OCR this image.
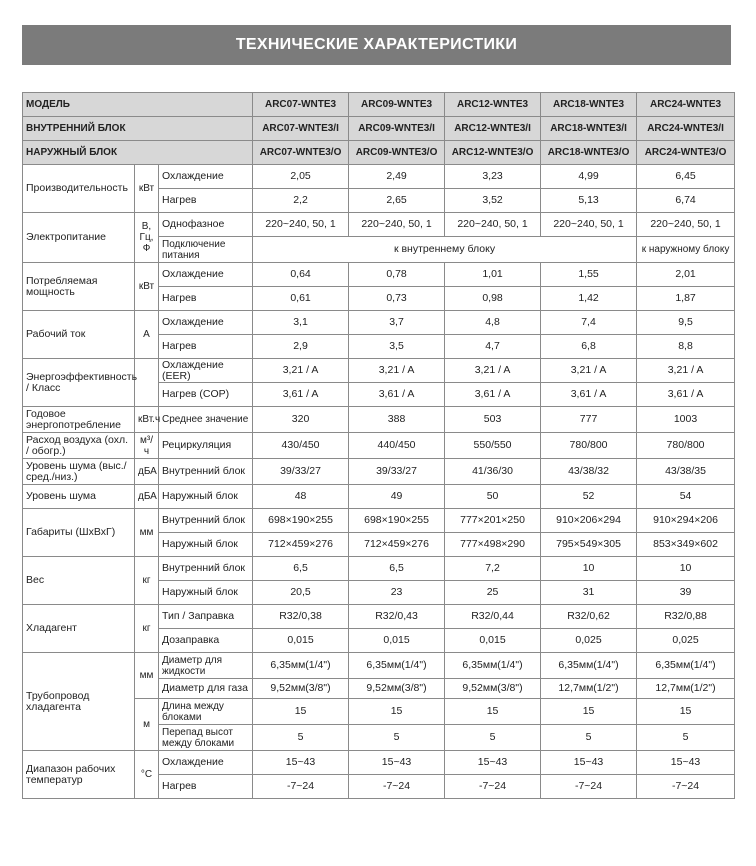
ТЕХНИЧЕСКИЕ ХАРАКТЕРИСТИКИ
МОДЕЛЬ			ARC07-WNTE3	ARC09-WNTE3	ARC12-WNTE3	ARC18-WNTE3	ARC24-WNTE3
ВНУТРЕННИЙ БЛОК			ARC07-WNTE3/I	ARC09-WNTE3/I	ARC12-WNTE3/I	ARC18-WNTE3/I	ARC24-WNTE3/I
НАРУЖНЫЙ БЛОК			ARC07-WNTE3/O	ARC09-WNTE3/O	ARC12-WNTE3/O	ARC18-WNTE3/O	ARC24-WNTE3/O
Производительность	кВт	Охлаждение	2,05	2,49	3,23	4,99	6,45
		Нагрев	2,2	2,65	3,52	5,13	6,74
Электропитание	В, Гц, Ф	Однофазное	220~240, 50, 1	220~240, 50, 1	220~240, 50, 1	220~240, 50, 1	220~240, 50, 1
		Подключение питания	к внутреннему блоку				к наружному блоку
Потребляемая мощность	кВт	Охлаждение	0,64	0,78	1,01	1,55	2,01
		Нагрев	0,61	0,73	0,98	1,42	1,87
Рабочий ток	А	Охлаждение	3,1	3,7	4,8	7,4	9,5
		Нагрев	2,9	3,5	4,7	6,8	8,8
Энергоэффективность / Класс		Охлаждение (EER)	3,21 / A	3,21 / A	3,21 / A	3,21 / A	3,21 / A
		Нагрев (COP)	3,61 / A	3,61 / A	3,61 / A	3,61 / A	3,61 / A
Годовое энергопотребление	кВт.ч	Среднее значение	320	388	503	777	1003
Расход воздуха (охл. / обогр.)	м³/ч	Рециркуляция	430/450	440/450	550/550	780/800	780/800
Уровень шума (выс./ сред./низ.)	дБА	Внутренний блок	39/33/27	39/33/27	41/36/30	43/38/32	43/38/35
Уровень шума	дБА	Наружный блок	48	49	50	52	54
Габариты (ШхВхГ)	мм	Внутренний блок	698×190×255	698×190×255	777×201×250	910×206×294	910×294×206
		Наружный блок	712×459×276	712×459×276	777×498×290	795×549×305	853×349×602
Вес	кг	Внутренний блок	6,5	6,5	7,2	10	10
		Наружный блок	20,5	23	25	31	39
Хладагент	кг	Тип / Заправка	R32/0,38	R32/0,43	R32/0,44	R32/0,62	R32/0,88
		Дозаправка	0,015	0,015	0,015	0,025	0,025
Трубопровод хладагента	мм	Диаметр для жидкости	6,35мм(1/4")	6,35мм(1/4")	6,35мм(1/4")	6,35мм(1/4")	6,35мм(1/4")
		Диаметр для газа	9,52мм(3/8")	9,52мм(3/8")	9,52мм(3/8")	12,7мм(1/2")	12,7мм(1/2")
	м	Длина между блоками	15	15	15	15	15
		Перепад высот между блоками	5	5	5	5	5
Диапазон рабочих температур	°С	Охлаждение	15~43	15~43	15~43	15~43	15~43
		Нагрев	-7~24	-7~24	-7~24	-7~24	-7~24
